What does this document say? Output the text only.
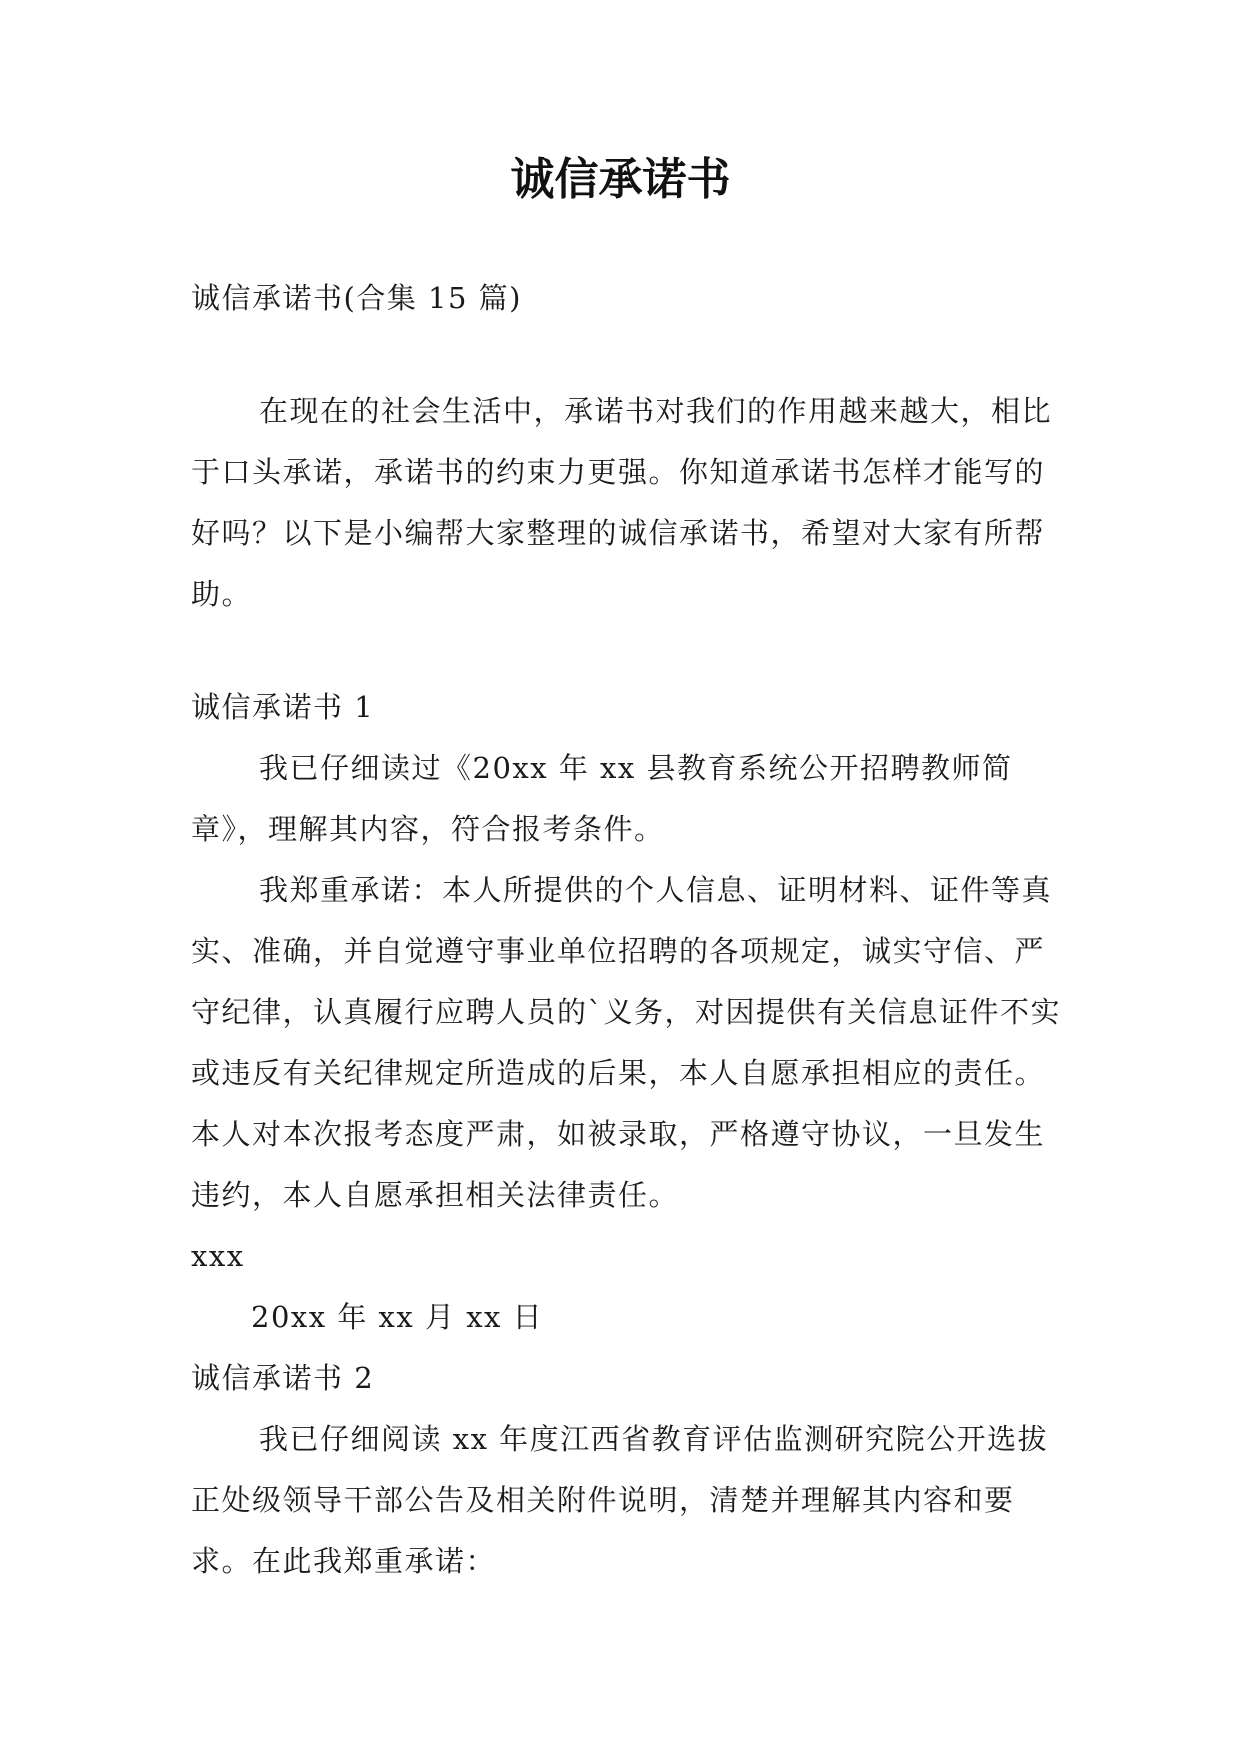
诚信承诺书

诚信承诺书(合集 15 篇)

在现在的社会生活中，承诺书对我们的作用越来越大，相比于口头承诺，承诺书的约束力更强。你知道承诺书怎样才能写的好吗？以下是小编帮大家整理的诚信承诺书，希望对大家有所帮助。

诚信承诺书 1

我已仔细读过《20xx 年 xx 县教育系统公开招聘教师简章》，理解其内容，符合报考条件。

我郑重承诺：本人所提供的个人信息、证明材料、证件等真实、准确，并自觉遵守事业单位招聘的各项规定，诚实守信、严守纪律，认真履行应聘人员的`义务，对因提供有关信息证件不实或违反有关纪律规定所造成的后果，本人自愿承担相应的责任。本人对本次报考态度严肃，如被录取，严格遵守协议，一旦发生违约，本人自愿承担相关法律责任。

xxx

20xx 年 xx 月 xx 日

诚信承诺书 2

我已仔细阅读 xx 年度江西省教育评估监测研究院公开选拔正处级领导干部公告及相关附件说明，清楚并理解其内容和要求。在此我郑重承诺：
